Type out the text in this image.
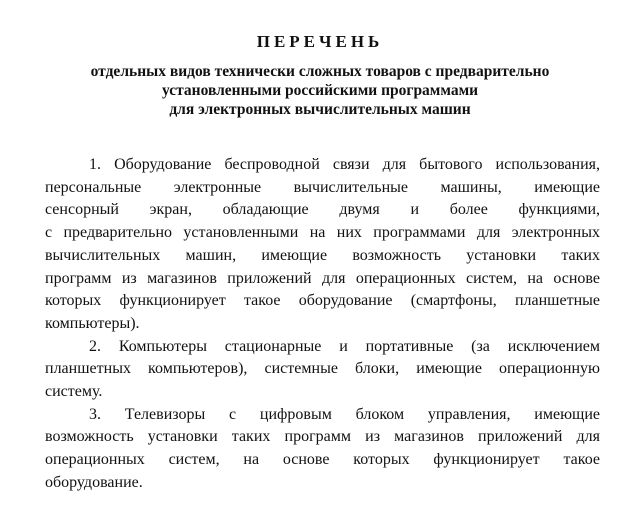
ПЕРЕЧЕНЬ
отдельных видов технически сложных товаров с предварительно
установленными российскими программами
для электронных вычислительных машин
1. Оборудование беспроводной связи для бытового использования,
персональные электронные вычислительные машины, имеющие
сенсорный экран, обладающие двумя и более функциями,
с предварительно установленными на них программами для электронных
вычислительных машин, имеющие возможность установки таких
программ из магазинов приложений для операционных систем, на основе
которых функционирует такое оборудование (смартфоны, планшетные
компьютеры).
2. Компьютеры стационарные и портативные (за исключением
планшетных компьютеров), системные блоки, имеющие операционную
систему.
3. Телевизоры с цифровым блоком управления, имеющие
возможность установки таких программ из магазинов приложений для
операционных систем, на основе которых функционирует такое
оборудование.
